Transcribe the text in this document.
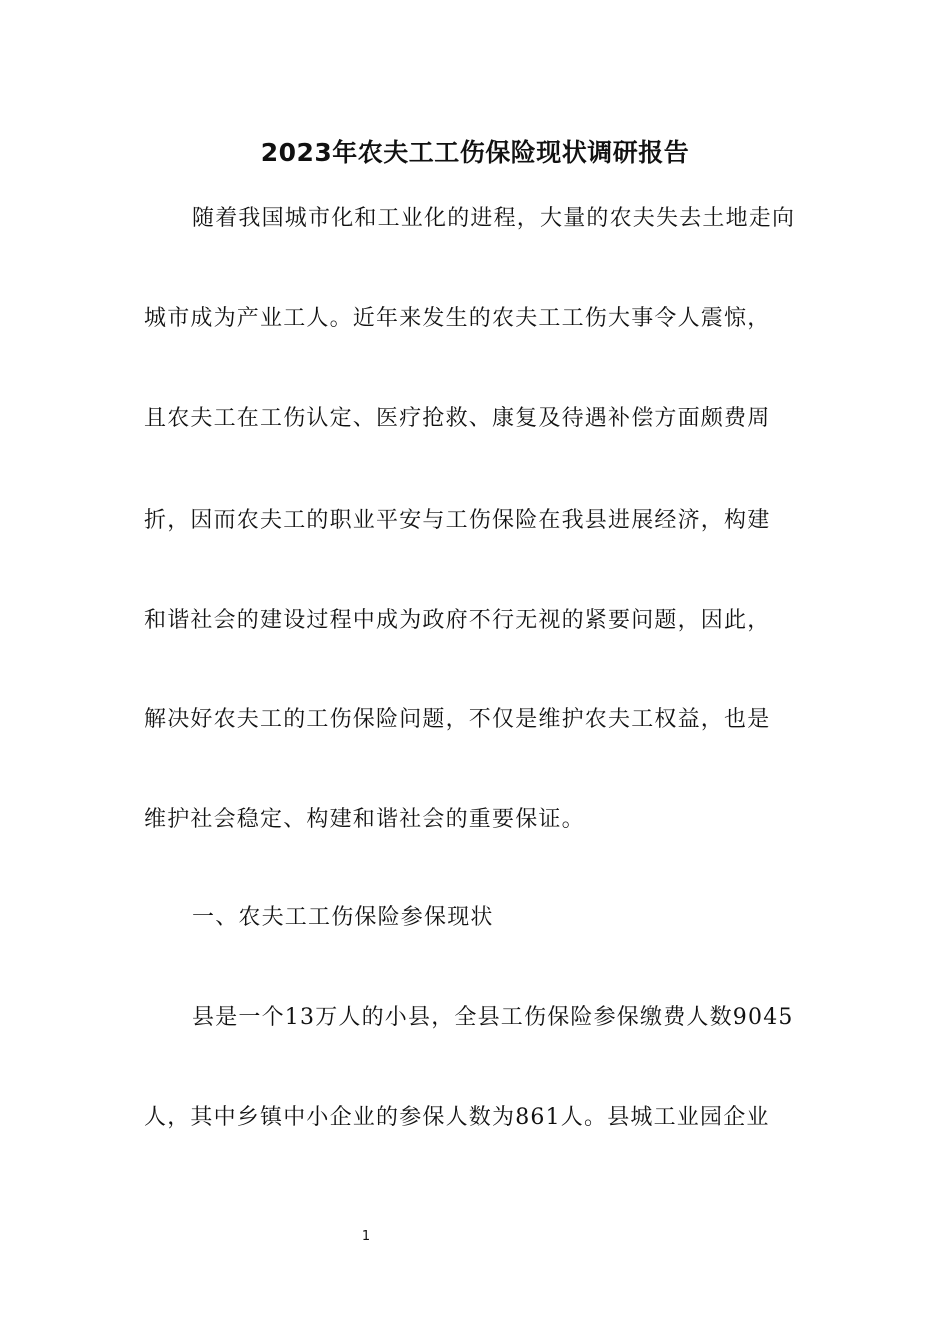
2023年农夫工工伤保险现状调研报告
随着我国城市化和工业化的进程，大量的农夫失去土地走向
城市成为产业工人。近年来发生的农夫工工伤大事令人震惊，
且农夫工在工伤认定、医疗抢救、康复及待遇补偿方面颇费周
折，因而农夫工的职业平安与工伤保险在我县进展经济，构建
和谐社会的建设过程中成为政府不行无视的紧要问题，因此，
解决好农夫工的工伤保险问题，不仅是维护农夫工权益，也是
维护社会稳定、构建和谐社会的重要保证。
一、农夫工工伤保险参保现状
县是一个13万人的小县，全县工伤保险参保缴费人数9045
人，其中乡镇中小企业的参保人数为861人。县城工业园企业
1
